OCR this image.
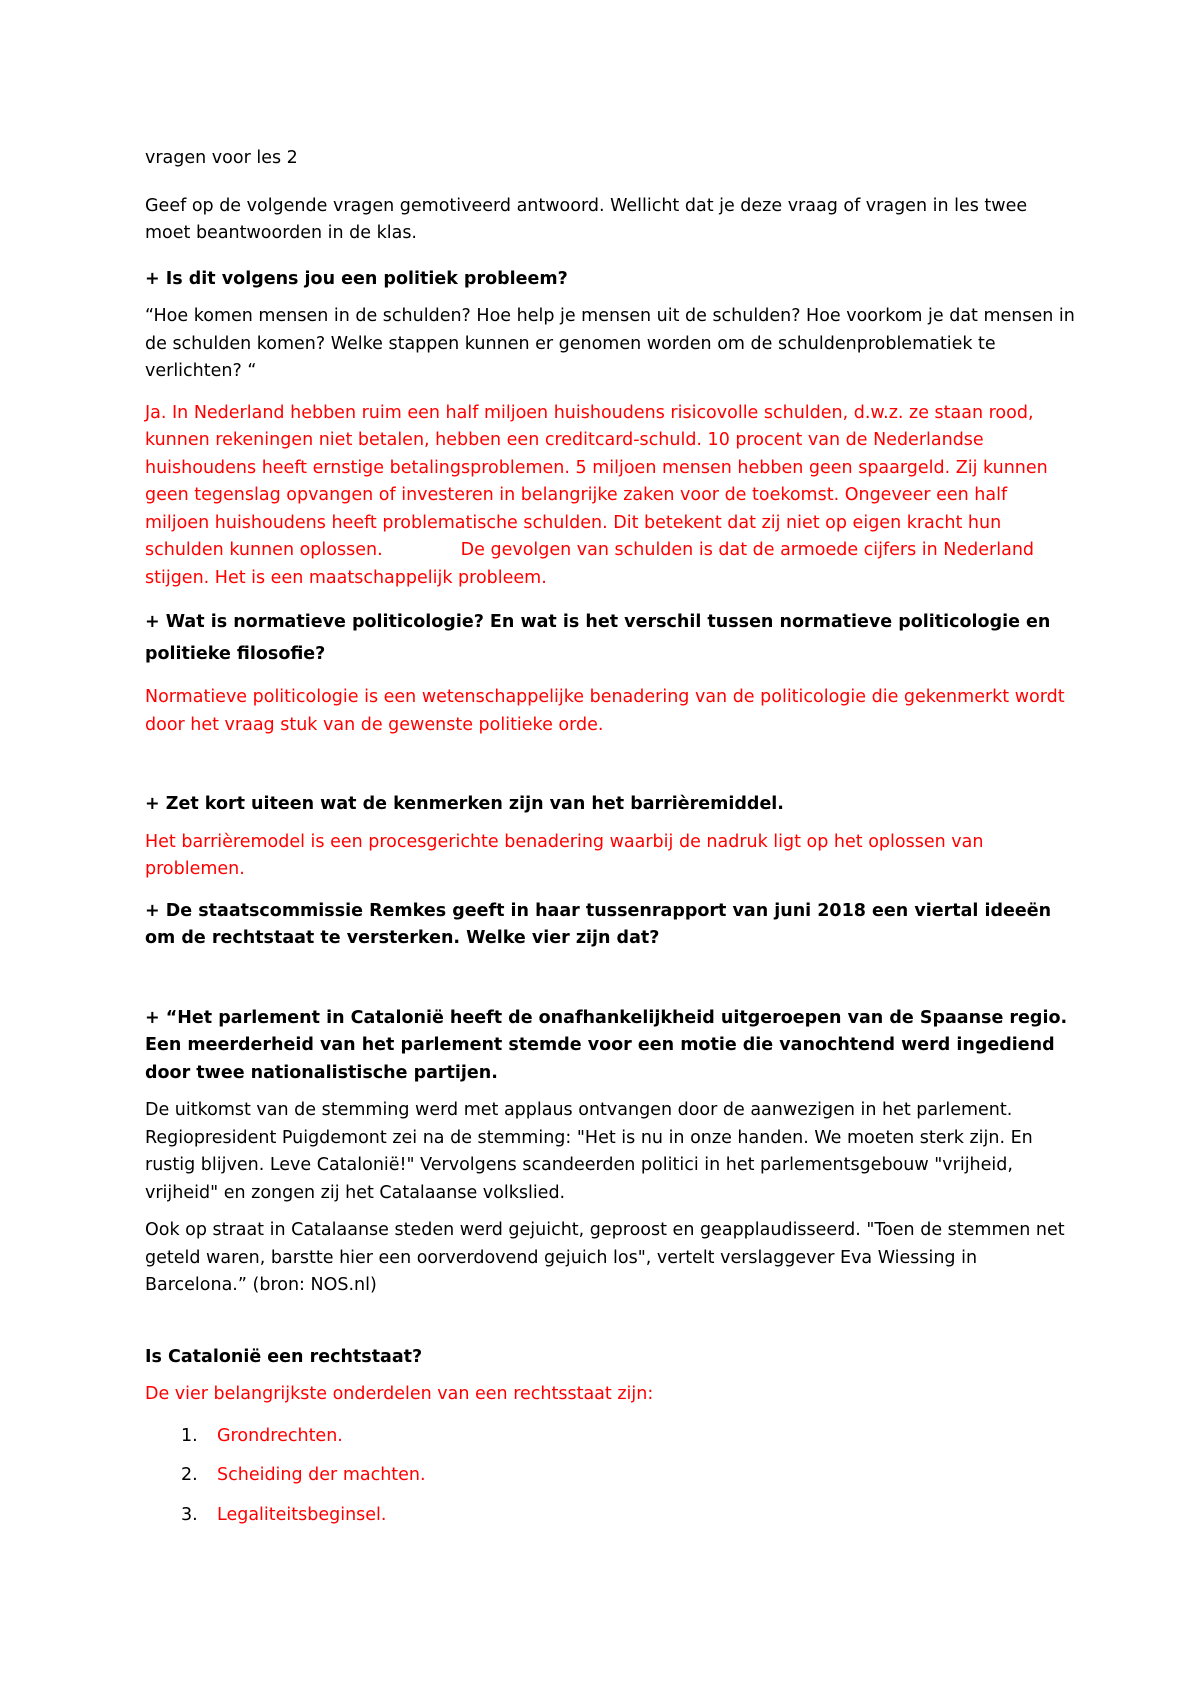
vragen voor les 2

Geef op de volgende vragen gemotiveerd antwoord. Wellicht dat je deze vraag of vragen in les twee moet beantwoorden in de klas.

+ Is dit volgens jou een politiek probleem?

“Hoe komen mensen in de schulden? Hoe help je mensen uit de schulden? Hoe voorkom je dat mensen in de schulden komen? Welke stappen kunnen er genomen worden om de schuldenproblematiek te verlichten? “

Ja. In Nederland hebben ruim een half miljoen huishoudens risicovolle schulden, d.w.z. ze staan rood, kunnen rekeningen niet betalen, hebben een creditcard-schuld. 10 procent van de Nederlandse huishoudens heeft ernstige betalingsproblemen. 5 miljoen mensen hebben geen spaargeld. Zij kunnen geen tegenslag opvangen of investeren in belangrijke zaken voor de toekomst. Ongeveer een half miljoen huishoudens heeft problematische schulden. Dit betekent dat zij niet op eigen kracht hun schulden kunnen oplossen.	De gevolgen van schulden is dat de armoede cijfers in Nederland stijgen. Het is een maatschappelijk probleem.

+ Wat is normatieve politicologie? En wat is het verschil tussen normatieve politicologie en politieke filosofie?

Normatieve politicologie is een wetenschappelijke benadering van de politicologie die gekenmerkt wordt door het vraag stuk van de gewenste politieke orde.

+ Zet kort uiteen wat de kenmerken zijn van het barrièremiddel.

Het barrièremodel is een procesgerichte benadering waarbij de nadruk ligt op het oplossen van problemen.

+ De staatscommissie Remkes geeft in haar tussenrapport van juni 2018 een viertal ideeën om de rechtstaat te versterken. Welke vier zijn dat?

+ “Het parlement in Catalonië heeft de onafhankelijkheid uitgeroepen van de Spaanse regio. Een meerderheid van het parlement stemde voor een motie die vanochtend werd ingediend door twee nationalistische partijen.

De uitkomst van de stemming werd met applaus ontvangen door de aanwezigen in het parlement. Regiopresident Puigdemont zei na de stemming: "Het is nu in onze handen. We moeten sterk zijn. En rustig blijven. Leve Catalonië!" Vervolgens scandeerden politici in het parlementsgebouw "vrijheid, vrijheid" en zongen zij het Catalaanse volkslied.

Ook op straat in Catalaanse steden werd gejuicht, geproost en geapplaudisseerd. "Toen de stemmen net geteld waren, barstte hier een oorverdovend gejuich los", vertelt verslaggever Eva Wiessing in Barcelona.” (bron: NOS.nl)

Is Catalonië een rechtstaat?

De vier belangrijkste onderdelen van een rechtsstaat zijn:

1. Grondrechten.
2. Scheiding der machten.
3. Legaliteitsbeginsel.
